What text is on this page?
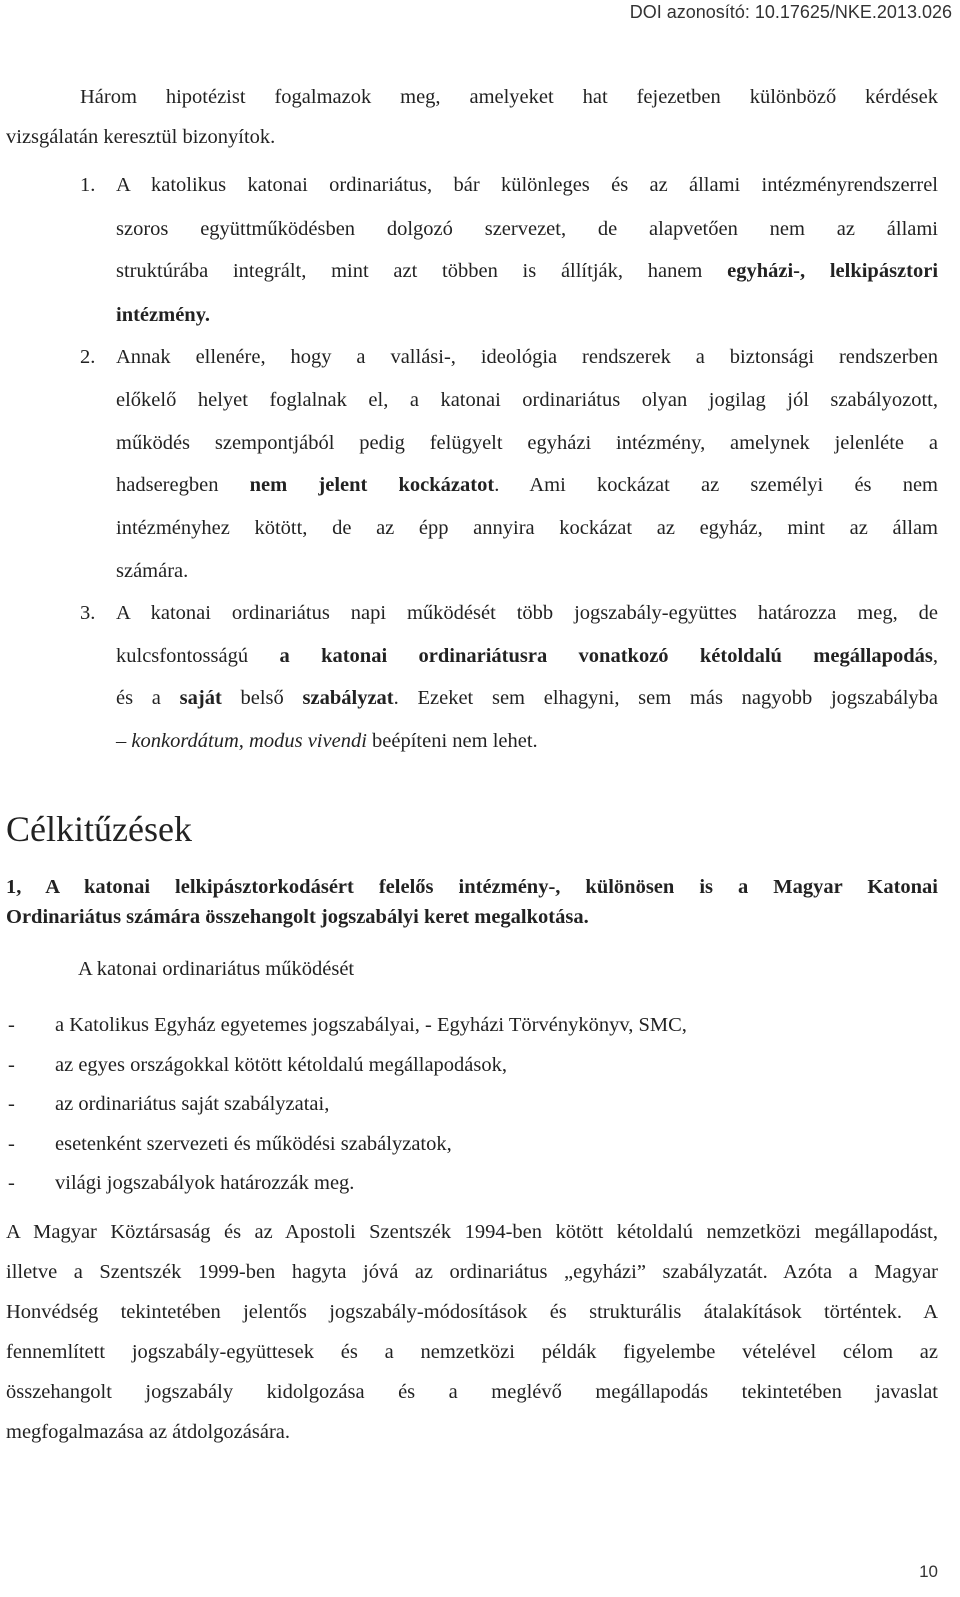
DOI azonosító: 10.17625/NKE.2013.026
Három hipotézist fogalmazok meg, amelyeket hat fejezetben különböző kérdések
vizsgálatán keresztül bizonyítok.
1. A katolikus katonai ordinariátus, bár különleges és az állami intézményrendszerrel
szoros együttműködésben dolgozó szervezet, de alapvetően nem az állami
struktúrába integrált, mint azt többen is állítják, hanem egyházi-, lelkipásztori
intézmény.
2. Annak ellenére, hogy a vallási-, ideológia rendszerek a biztonsági rendszerben
előkelő helyet foglalnak el, a katonai ordinariátus olyan jogilag jól szabályozott,
működés szempontjából pedig felügyelt egyházi intézmény, amelynek jelenléte a
hadseregben nem jelent kockázatot. Ami kockázat az személyi és nem
intézményhez kötött, de az épp annyira kockázat az egyház, mint az állam
számára.
3. A katonai ordinariátus napi működését több jogszabály-együttes határozza meg, de
kulcsfontosságú a katonai ordinariátusra vonatkozó kétoldalú megállapodás,
és a saját belső szabályzat. Ezeket sem elhagyni, sem más nagyobb jogszabályba
– konkordátum, modus vivendi beépíteni nem lehet.
Célkitűzések
1, A katonai lelkipásztorkodásért felelős intézmény-, különösen is a Magyar Katonai
Ordinariátus számára összehangolt jogszabályi keret megalkotása.
A katonai ordinariátus működését
- a Katolikus Egyház egyetemes jogszabályai, - Egyházi Törvénykönyv, SMC,
- az egyes országokkal kötött kétoldalú megállapodások,
- az ordinariátus saját szabályzatai,
- esetenként szervezeti és működési szabályzatok,
- világi jogszabályok határozzák meg.
A Magyar Köztársaság és az Apostoli Szentszék 1994-ben kötött kétoldalú nemzetközi megállapodást,
illetve a Szentszék 1999-ben hagyta jóvá az ordinariátus „egyházi” szabályzatát. Azóta a Magyar
Honvédség tekintetében jelentős jogszabály-módosítások és strukturális átalakítások történtek. A
fennemlített jogszabály-együttesek és a nemzetközi példák figyelembe vételével célom az
összehangolt jogszabály kidolgozása és a meglévő megállapodás tekintetében javaslat
megfogalmazása az átdolgozására.
10
